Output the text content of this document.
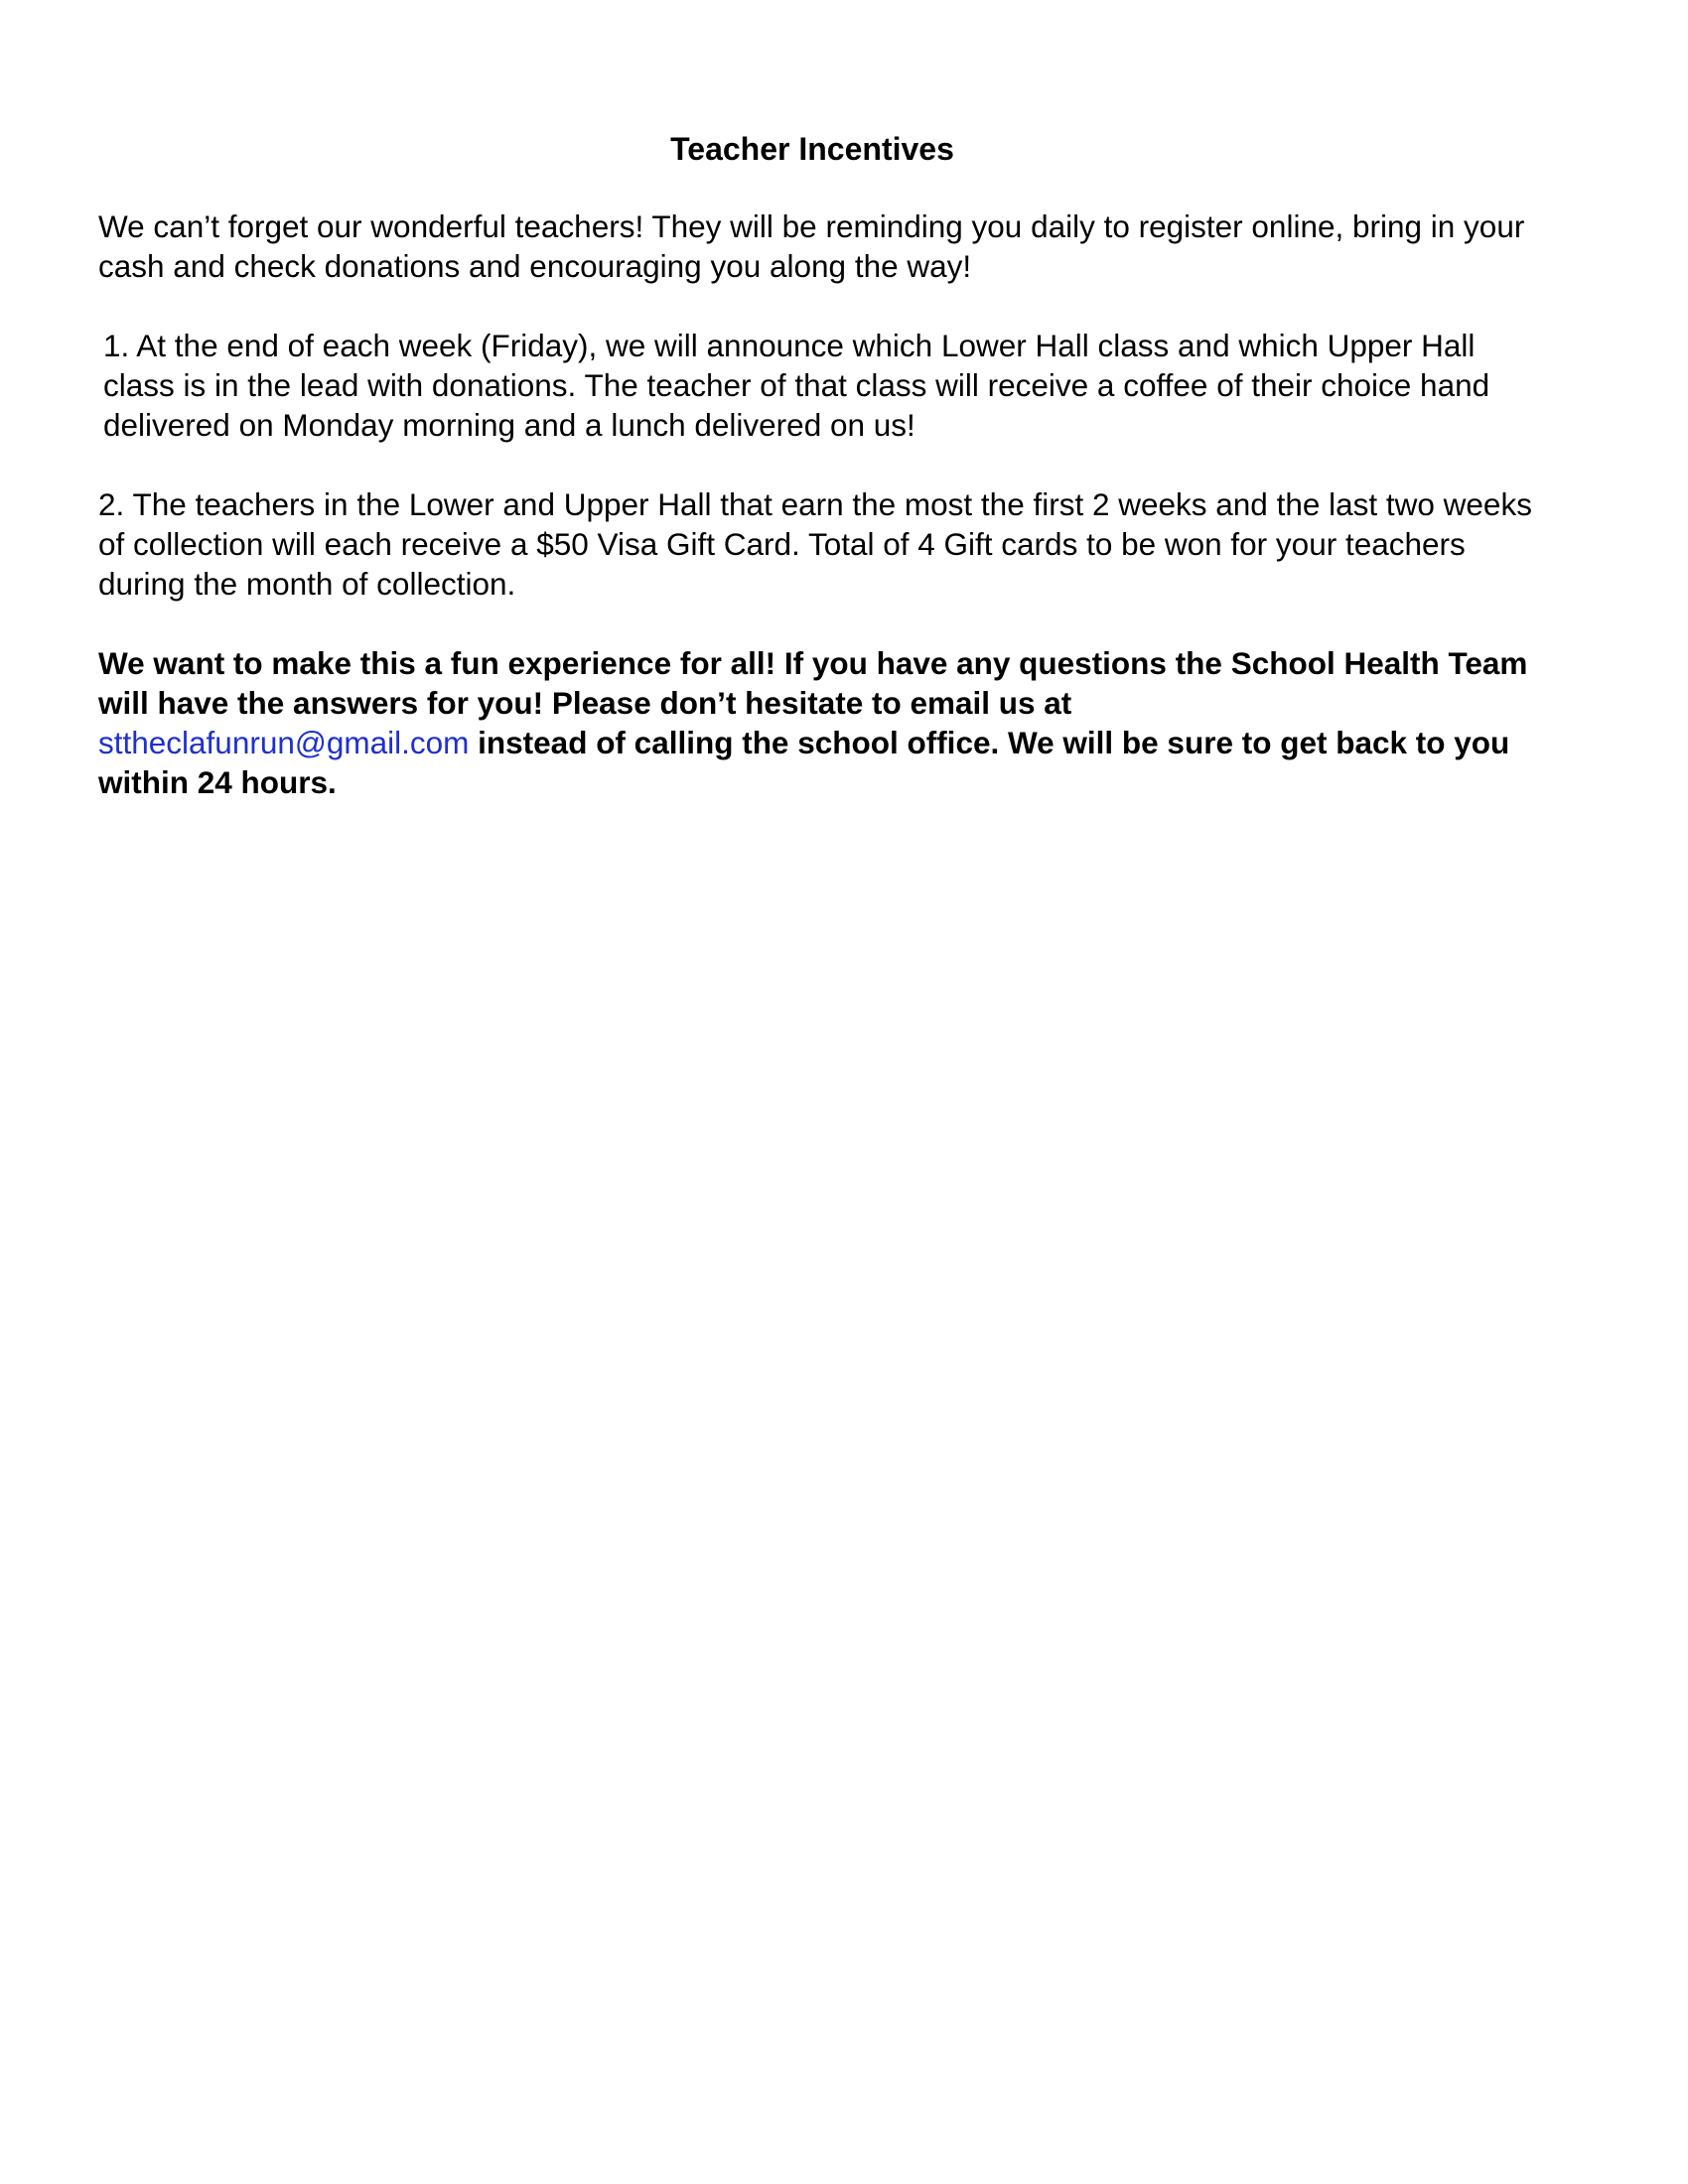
Teacher Incentives

We can’t forget our wonderful teachers! They will be reminding you daily to register online, bring in your cash and check donations and encouraging you along the way!

1. At the end of each week (Friday), we will announce which Lower Hall class and which Upper Hall class is in the lead with donations. The teacher of that class will receive a coffee of their choice hand delivered on Monday morning and a lunch delivered on us!

2. The teachers in the Lower and Upper Hall that earn the most the first 2 weeks and the last two weeks of collection will each receive a $50 Visa Gift Card. Total of 4 Gift cards to be won for your teachers during the month of collection.

We want to make this a fun experience for all! If you have any questions the School Health Team will have the answers for you! Please don’t hesitate to email us at
sttheclafunrun@gmail.com instead of calling the school office. We will be sure to get back to you within 24 hours.
